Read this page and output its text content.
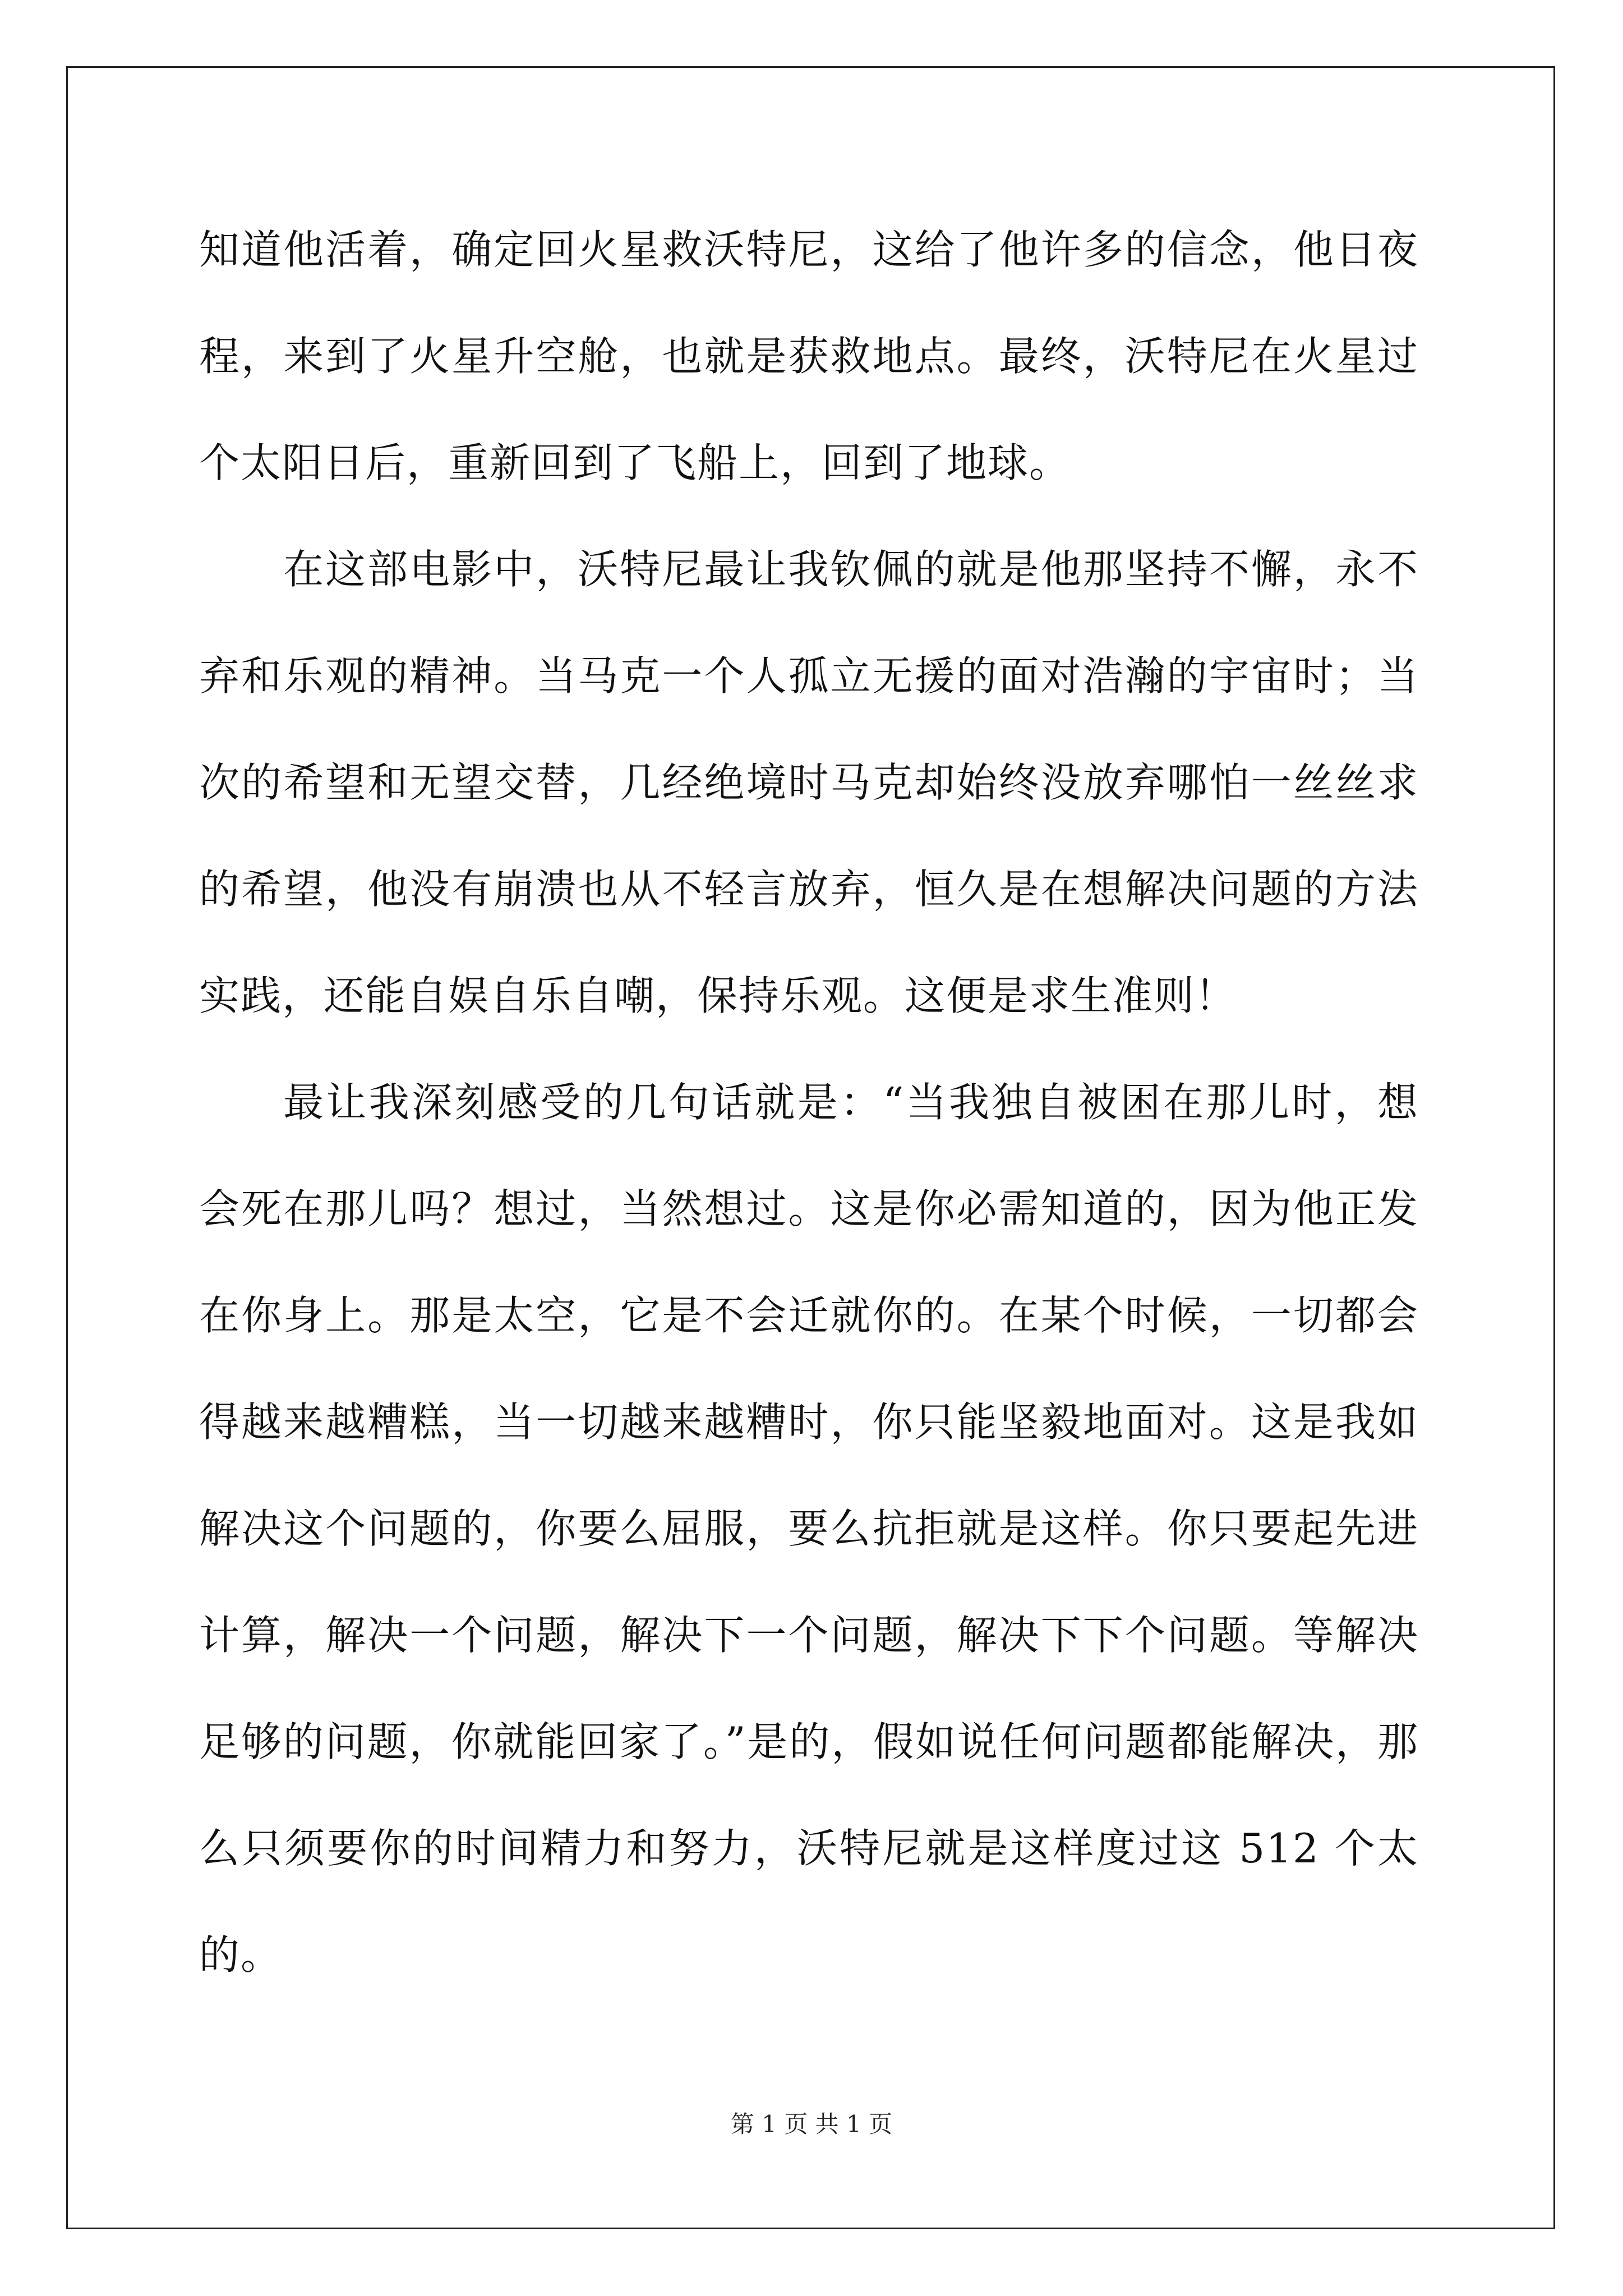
知道他活着，确定回火星救沃特尼，这给了他许多的信念，他日夜
程，来到了火星升空舱，也就是获救地点。最终，沃特尼在火星过
个太阳日后，重新回到了飞船上，回到了地球。
在这部电影中，沃特尼最让我钦佩的就是他那坚持不懈，永不
弃和乐观的精神。当马克一个人孤立无援的面对浩瀚的宇宙时；当
次的希望和无望交替，几经绝境时马克却始终没放弃哪怕一丝丝求
的希望，他没有崩溃也从不轻言放弃，恒久是在想解决问题的方法
实践，还能自娱自乐自嘲，保持乐观。这便是求生准则！
最让我深刻感受的几句话就是：“当我独自被困在那儿时，想
会死在那儿吗？想过，当然想过。这是你必需知道的，因为他正发
在你身上。那是太空，它是不会迁就你的。在某个时候，一切都会
得越来越糟糕，当一切越来越糟时，你只能坚毅地面对。这是我如
解决这个问题的，你要么屈服，要么抗拒就是这样。你只要起先进
计算，解决一个问题，解决下一个问题，解决下下个问题。等解决
足够的问题，你就能回家了。”是的，假如说任何问题都能解决，那
么只须要你的时间精力和努力，沃特尼就是这样度过这 512 个太
的。
第 1 页 共 1 页
